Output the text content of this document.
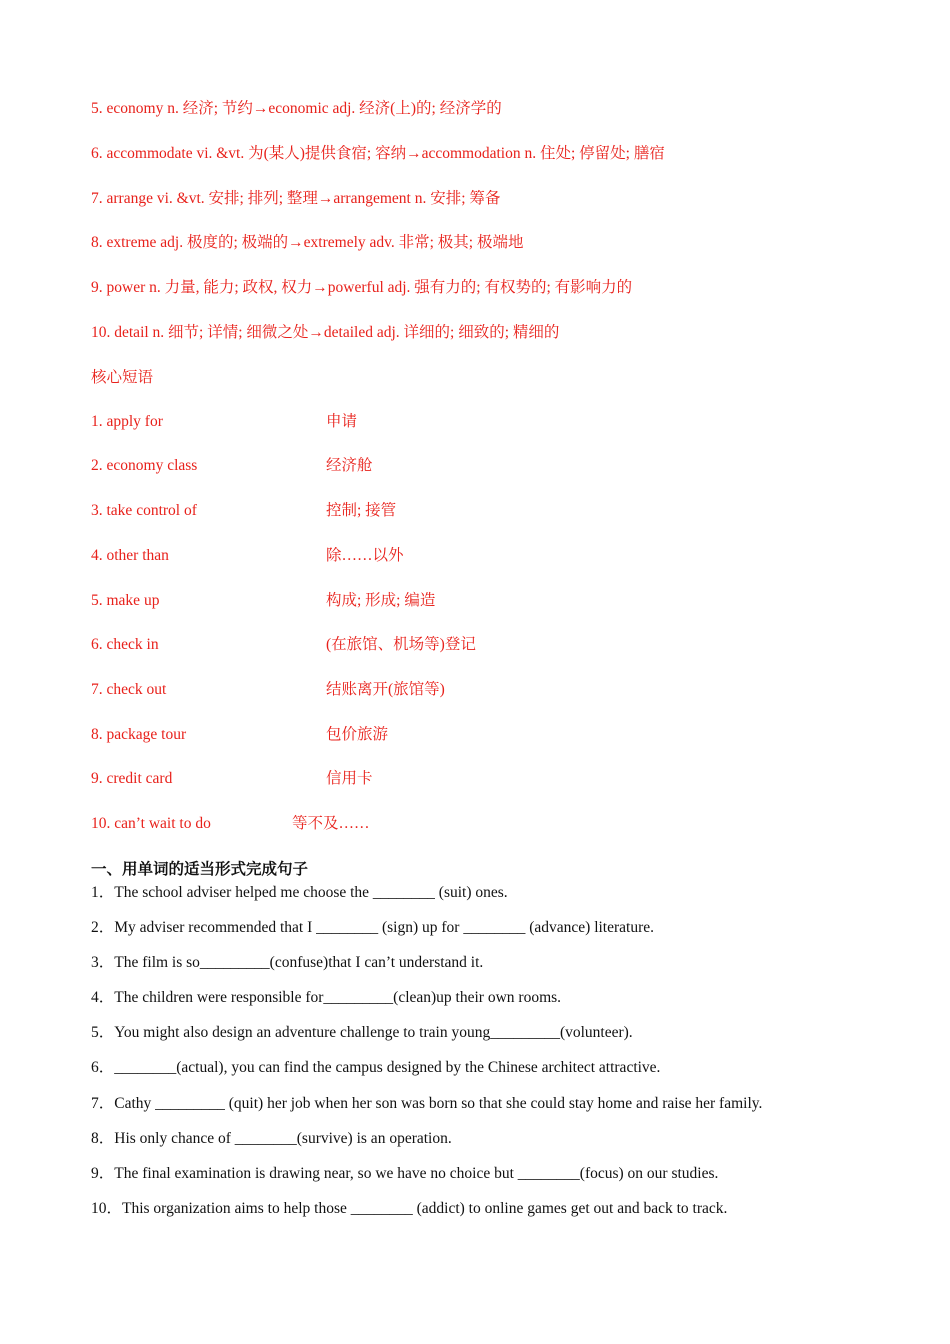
5. economy n. 经济; 节约→economic adj. 经济(上)的; 经济学的
6. accommodate vi. &vt. 为(某人)提供食宿; 容纳→accommodation n. 住处; 停留处; 膳宿
7. arrange vi. &vt. 安排; 排列; 整理→arrangement n. 安排; 筹备
8. extreme adj. 极度的; 极端的→extremely adv. 非常; 极其; 极端地
9. power n. 力量, 能力; 政权, 权力→powerful adj. 强有力的; 有权势的; 有影响力的
10. detail n. 细节; 详情; 细微之处→detailed adj. 详细的; 细致的; 精细的
核心短语
1. apply for	申请
2. economy class	经济舱
3. take control of	控制; 接管
4. other than	除……以外
5. make up	构成; 形成; 编造
6. check in	(在旅馆、机场等)登记
7. check out	结账离开(旅馆等)
8. package tour	包价旅游
9. credit card	信用卡
10. can’t wait to do	等不及……
一、用单词的适当形式完成句子
1．The school adviser helped me choose the ________ (suit) ones.
2．My adviser recommended that I ________ (sign) up for ________ (advance) literature.
3．The film is so_________(confuse)that I can’t understand it.
4．The children were responsible for_________(clean)up their own rooms.
5．You might also design an adventure challenge to train young_________(volunteer).
6．________(actual), you can find the campus designed by the Chinese architect attractive.
7．Cathy _________ (quit) her job when her son was born so that she could stay home and raise her family.
8．His only chance of ________(survive) is an operation.
9．The final examination is drawing near, so we have no choice but ________(focus) on our studies.
10．This organization aims to help those ________ (addict) to online games get out and back to track.
